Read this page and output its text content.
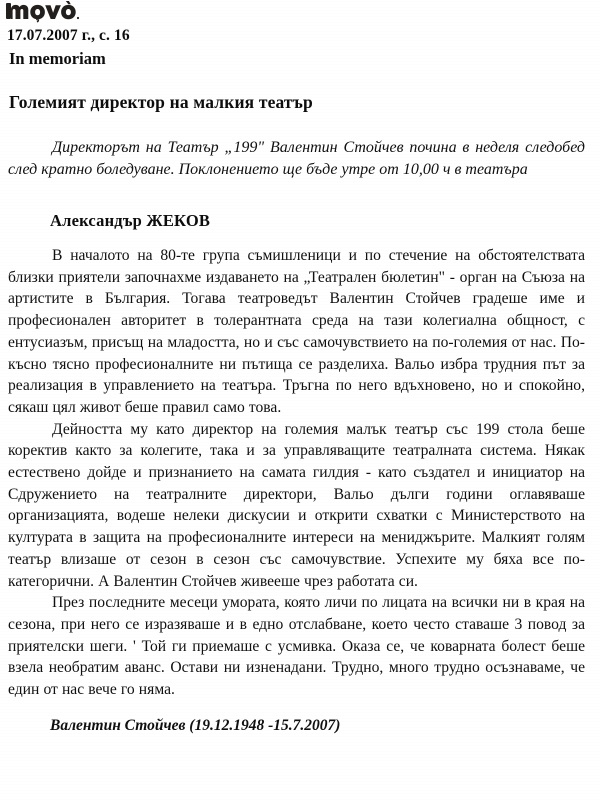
17.07.2007 г., с. 16
In memoriam
Големият директор на малкия театър

Директорът на Театър „199" Валентин Стойчев почина в неделя следобед след кратно боледуване. Поклонението ще бъде утре от 10,00 ч в театъра

Александър ЖЕКОВ

В началото на 80-те група съмишленици и по стечение на обстоятелствата близки приятели започнахме издаването на „Театрален бюлетин" - орган на Съюза на артистите в България. Тогава театроведът Валентин Стойчев градеше име и професионален авторитет в толерантната среда на тази колегиална общност, с ентусиазъм, присъщ на младостта, но и със самочувствието на по-големия от нас. По-късно тясно професионалните ни пътища се разделиха. Вальо избра трудния път за реализация в управлението на театъра. Тръгна по него вдъхновено, но и спокойно, сякаш цял живот беше правил само това.

Дейността му като директор на големия малък театър със 199 стола беше коректив както за колегите, така и за управляващите театралната система. Някак естествено дойде и признанието на самата гилдия - като създател и инициатор на Сдружението на театралните директори, Вальо дълги години оглавяваше организацията, водеше нелеки дискусии и открити схватки с Министерството на културата в защита на професионалните интереси на мениджърите. Малкият голям театър влизаше от сезон в сезон със самочувствие. Успехите му бяха все по-категорични. А Валентин Стойчев живееше чрез работата си.

През последните месеци умората, която личи по лицата на всички ни в края на сезона, при него се изразяваше и в едно отслабване, което често ставаше 3 повод за приятелски шеги. ' Той ги приемаше с усмивка. Оказа се, че коварната болест беше взела необратим аванс. Остави ни изненадани. Трудно, много трудно осъзнаваме, че един от нас вече го няма.

Валентин Стойчев (19.12.1948 -15.7.2007)
